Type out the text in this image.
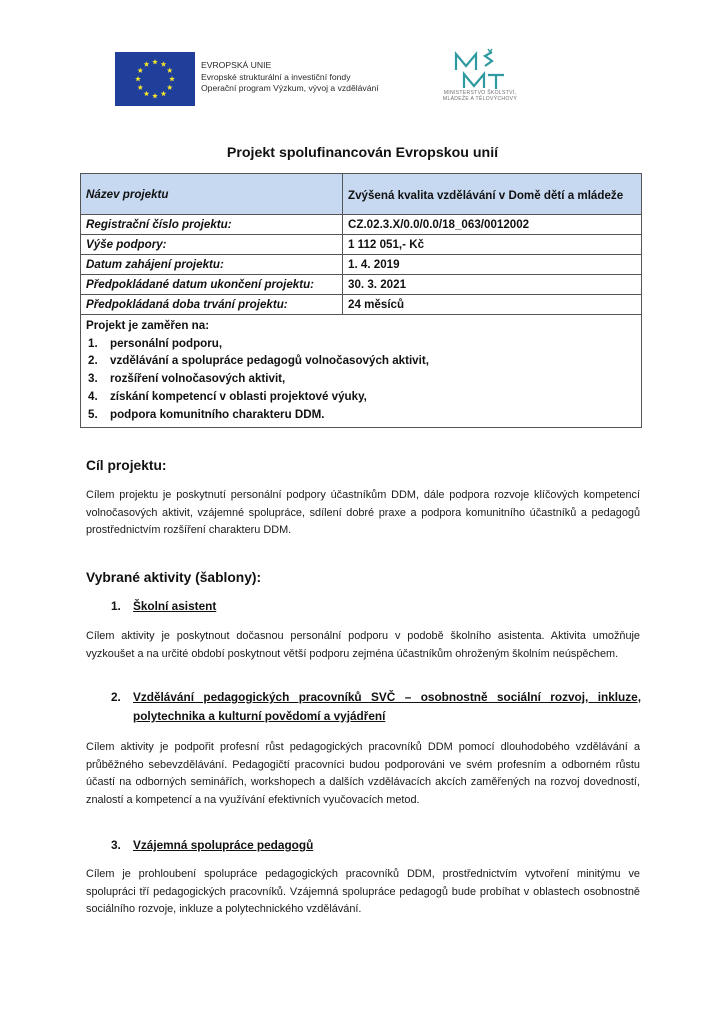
EVROPSKÁ UNIE
Evropské strukturální a investiční fondy
Operační program Výzkum, vývoj a vzdělávání	MINISTERSTVO ŠKOLSTVÍ,
MLÁDEŽE A TĚLOVÝCHOVY
Projekt spolufinancován Evropskou unií
Název projektu	Zvýšená kvalita vzdělávání v Domě dětí a mládeže
Registrační číslo projektu:	CZ.02.3.X/0.0/0.0/18_063/0012002
Výše podpory:	1 112 051,- Kč
Datum zahájení projektu:	1. 4. 2019
Předpokládané datum ukončení projektu:	30. 3. 2021
Předpokládaná doba trvání projektu:	24 měsíců

Projekt je zaměřen na:
1.	personální podporu,
2.	vzdělávání a spolupráce pedagogů volnočasových aktivit,
3.	rozšíření volnočasových aktivit,
4.	získání kompetencí v oblasti projektové výuky,
5.	podpora komunitního charakteru DDM.
Cíl projektu:
Cílem projektu je poskytnutí personální podpory účastníkům DDM, dále podpora rozvoje klíčových kompetencí volnočasových aktivit, vzájemné spolupráce, sdílení dobré praxe a podpora komunitního účastníků a pedagogů prostřednictvím rozšíření charakteru DDM.
Vybrané aktivity (šablony):
1.	Školní asistent
Cílem aktivity je poskytnout dočasnou personální podporu v podobě školního asistenta. Aktivita umožňuje vyzkoušet a na určité období poskytnout větší podporu zejména účastníkům ohroženým školním neúspěchem.
2.	Vzdělávání pedagogických pracovníků SVČ – osobnostně sociální rozvoj, inkluze, polytechnika a kulturní povědomí a vyjádření
Cílem aktivity je podpořit profesní růst pedagogických pracovníků DDM pomocí dlouhodobého vzdělávání a průběžného sebevzdělávání. Pedagogičtí pracovníci budou podporováni ve svém profesním a odborném růstu účastí na odborných seminářích, workshopech a dalších vzdělávacích akcích zaměřených na rozvoj dovedností, znalostí a kompetencí a na využívání efektivních vyučovacích metod.
3.	Vzájemná spolupráce pedagogů
Cílem je prohloubení spolupráce pedagogických pracovníků DDM, prostřednictvím vytvoření minitýmu ve spolupráci tří pedagogických pracovníků. Vzájemná spolupráce pedagogů bude probíhat v oblastech osobnostně sociálního rozvoje, inkluze a polytechnického vzdělávání.
